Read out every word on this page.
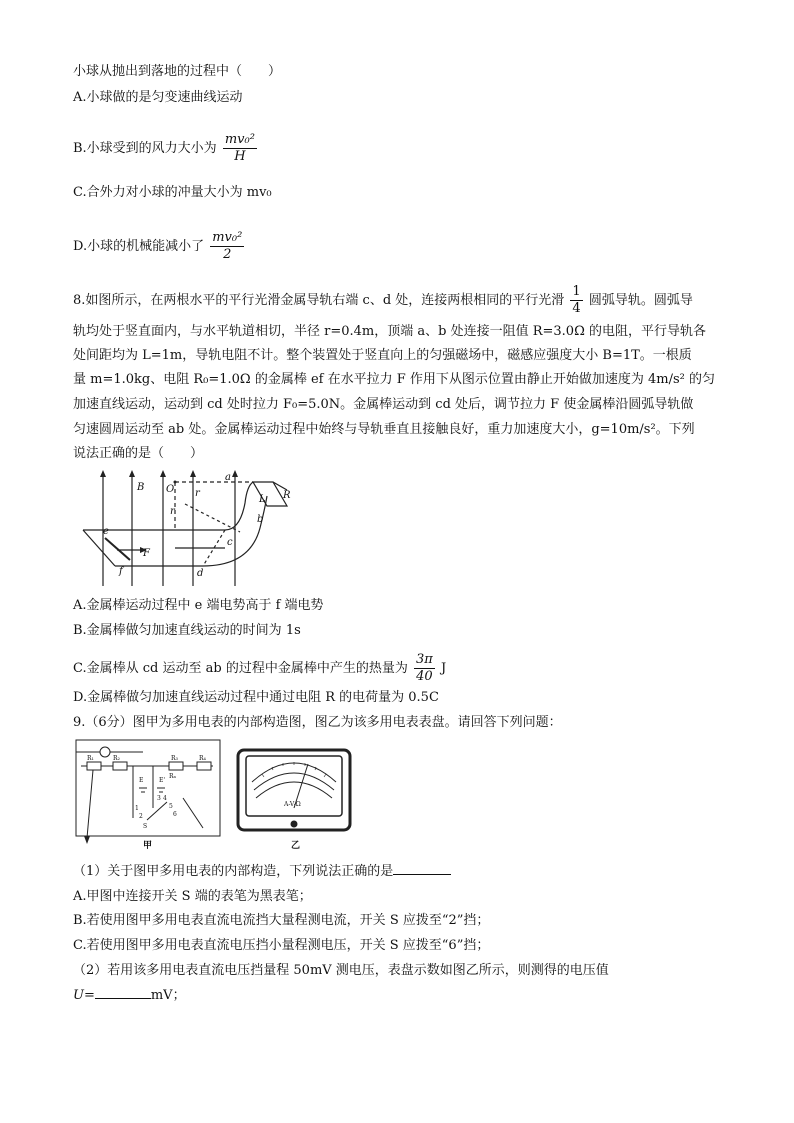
小球从抛出到落地的过程中（　　）
A.小球做的是匀变速曲线运动
B.小球受到的风力大小为 $\frac{\text{mv₀²}}{H}$
C.合外力对小球的冲量大小为 mv₀
D.小球的机械能减小了 $\frac{\text{mv₀²}}{2}$
8.如图所示，在两根水平的平行光滑金属导轨右端 c、d 处，连接两根相同的平行光滑 $\frac{1}{4}$ 圆弧导轨。圆弧导
轨均处于竖直面内，与水平轨道相切，半径 r=0.4m，顶端 a、b 处连接一阻值 R=3.0Ω 的电阻，平行导轨各
处间距均为 L=1m，导轨电阻不计。整个装置处于竖直向上的匀强磁场中，磁感应强度大小 B=1T。一根质
量 m=1.0kg、电阻 R₀=1.0Ω 的金属棒 ef 在水平拉力 F 作用下从图示位置由静止开始做加速度为 4m/s² 的匀
加速直线运动，运动到 cd 处时拉力 F₀=5.0N。金属棒运动到 cd 处后，调节拉力 F 使金属棒沿圆弧导轨做
匀速圆周运动至 ab 处。金属棒运动过程中始终与导轨垂直且接触良好，重力加速度大小，g=10m/s²。下列
说法正确的是（　　）
B O
r
r
a
b
c
d
e
f
F
L R
A.金属棒运动过程中 e 端电势高于 f 端电势
B.金属棒做匀加速直线运动的时间为 1s
C.金属棒从 cd 运动至 ab 的过程中金属棒中产生的热量为 $\frac{3\pi}{40}$ J
D.金属棒做匀加速直线运动过程中通过电阻 R 的电荷量为 0.5C
9.（6分）图甲为多用电表的内部构造图，图乙为该多用电表表盘。请回答下列问题：
R₁	R₂
E	E'
R₃	R₄
Rₙ
S
1
2
3 4
5
6
甲
A-V-Ω
乙
（1）关于图甲多用电表的内部构造，下列说法正确的是
A.甲图中连接开关 S 端的表笔为黑表笔；
B.若使用图甲多用电表直流电流挡大量程测电流，开关 S 应拨至“2”挡；
C.若使用图甲多用电表直流电压挡小量程测电压，开关 S 应拨至“6”挡；
（2）若用该多用电表直流电压挡量程 50mV 测电压，表盘示数如图乙所示，则测得的电压值
U=	mV；
